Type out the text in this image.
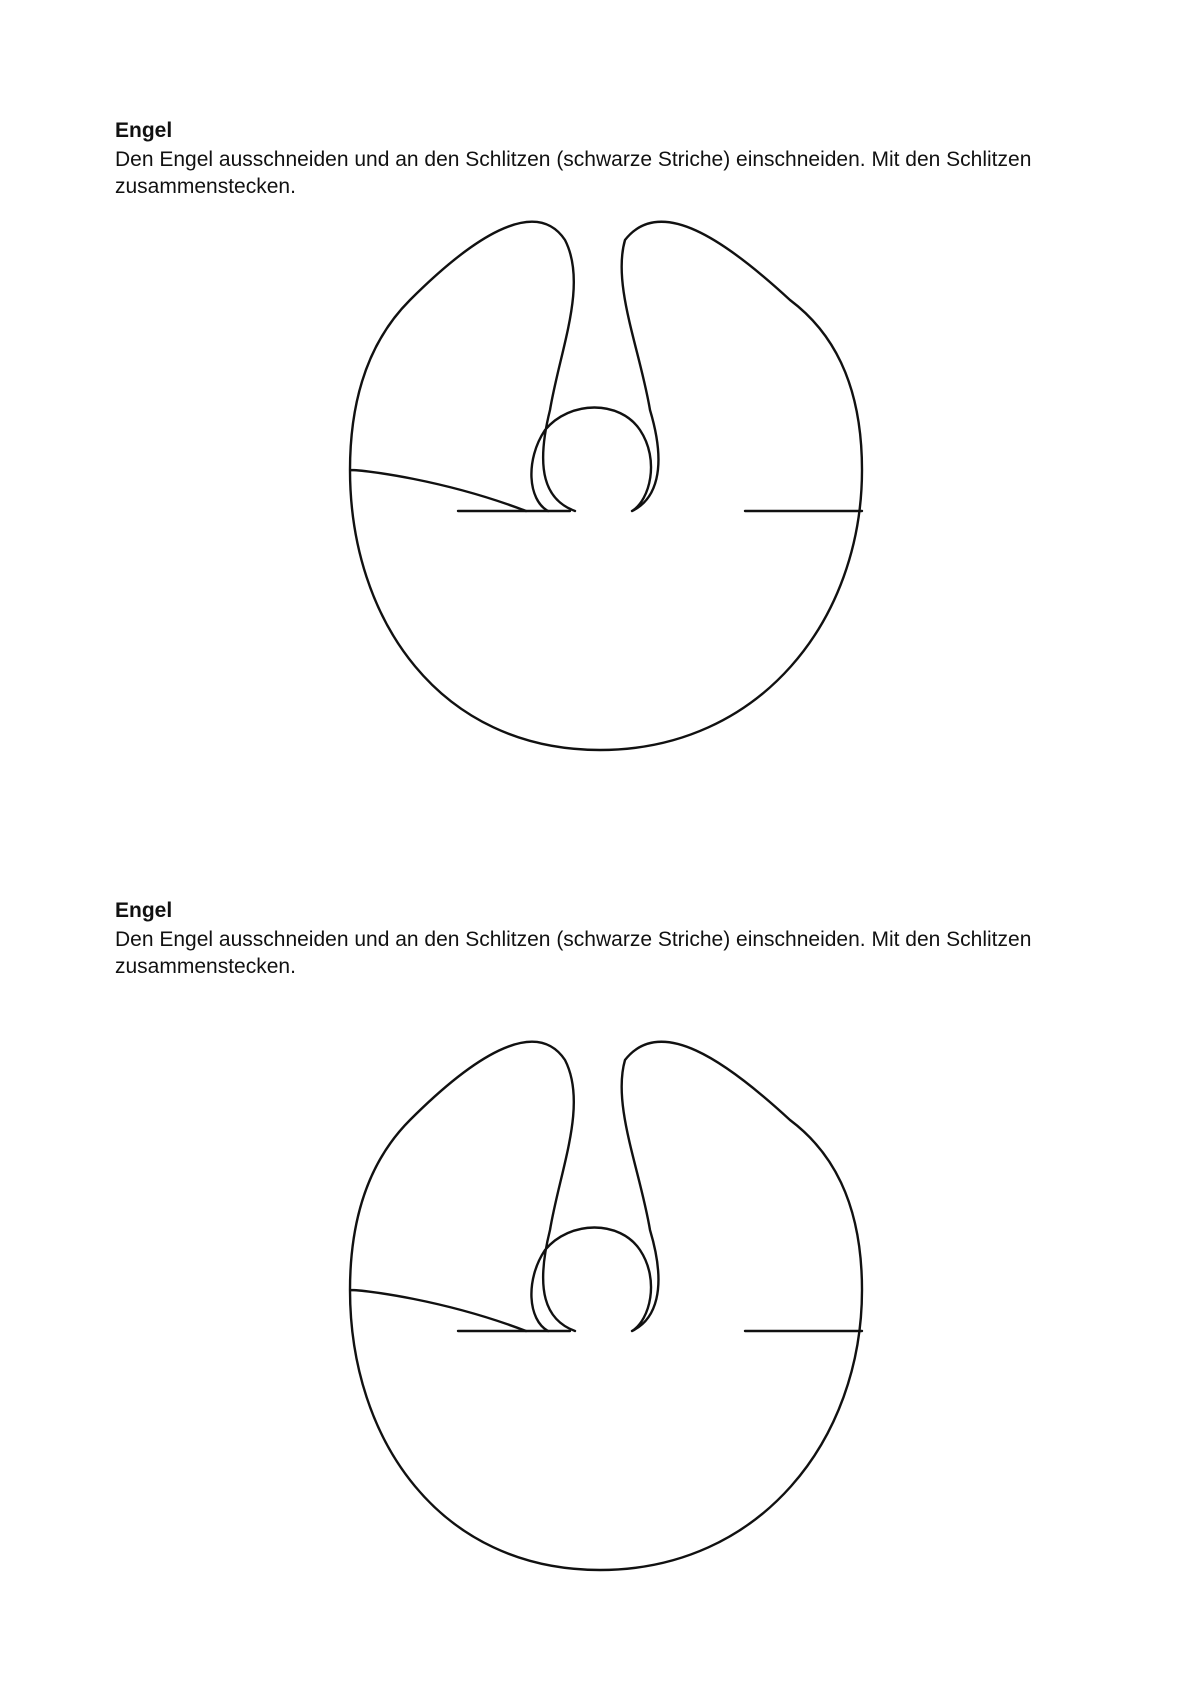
Engel

Den Engel ausschneiden und an den Schlitzen (schwarze Striche) einschneiden. Mit den Schlitzen zusammenstecken.

Engel

Den Engel ausschneiden und an den Schlitzen (schwarze Striche) einschneiden. Mit den Schlitzen zusammenstecken.
